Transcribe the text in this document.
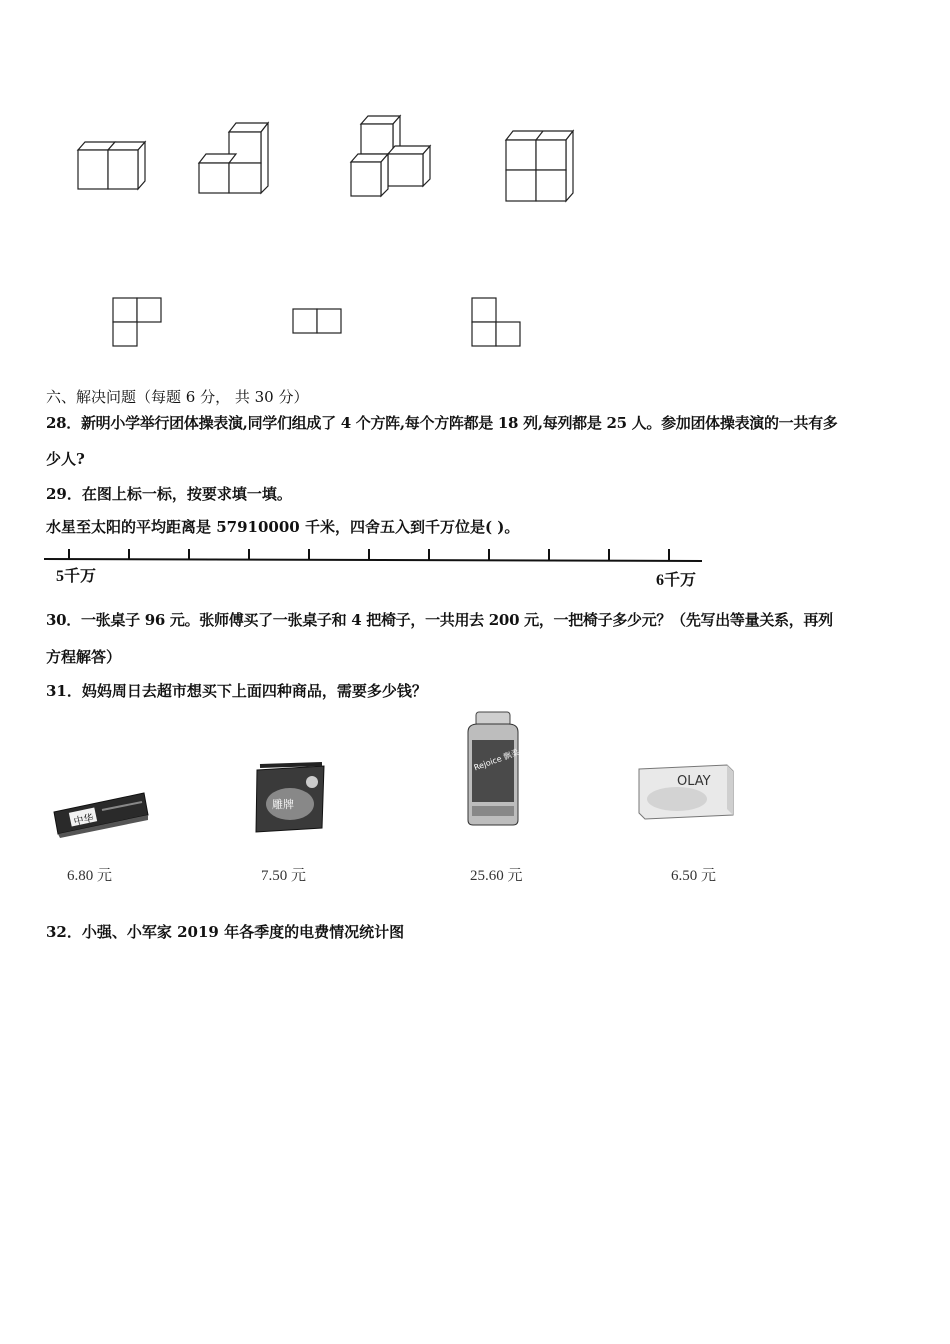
六、解决问题（每题 6 分， 共 30 分）
28．新明小学举行团体操表演,同学们组成了 4 个方阵,每个方阵都是 18 列,每列都是 25 人。参加团体操表演的一共有多
少人?
29．在图上标一标，按要求填一填。
水星至太阳的平均距离是 57910000 千米，四舍五入到千万位是( )。
5千万	6千万
30．一张桌子 96 元。张师傅买了一张桌子和 4 把椅子，一共用去 200 元，一把椅子多少元？（先写出等量关系，再列
方程解答）
31．妈妈周日去超市想买下上面四种商品，需要多少钱？
中华
雕牌
Rejoice 飘柔
OLAY
6.80 元	7.50 元	25.60 元	6.50 元
32．小强、小军家 2019 年各季度的电费情况统计图
